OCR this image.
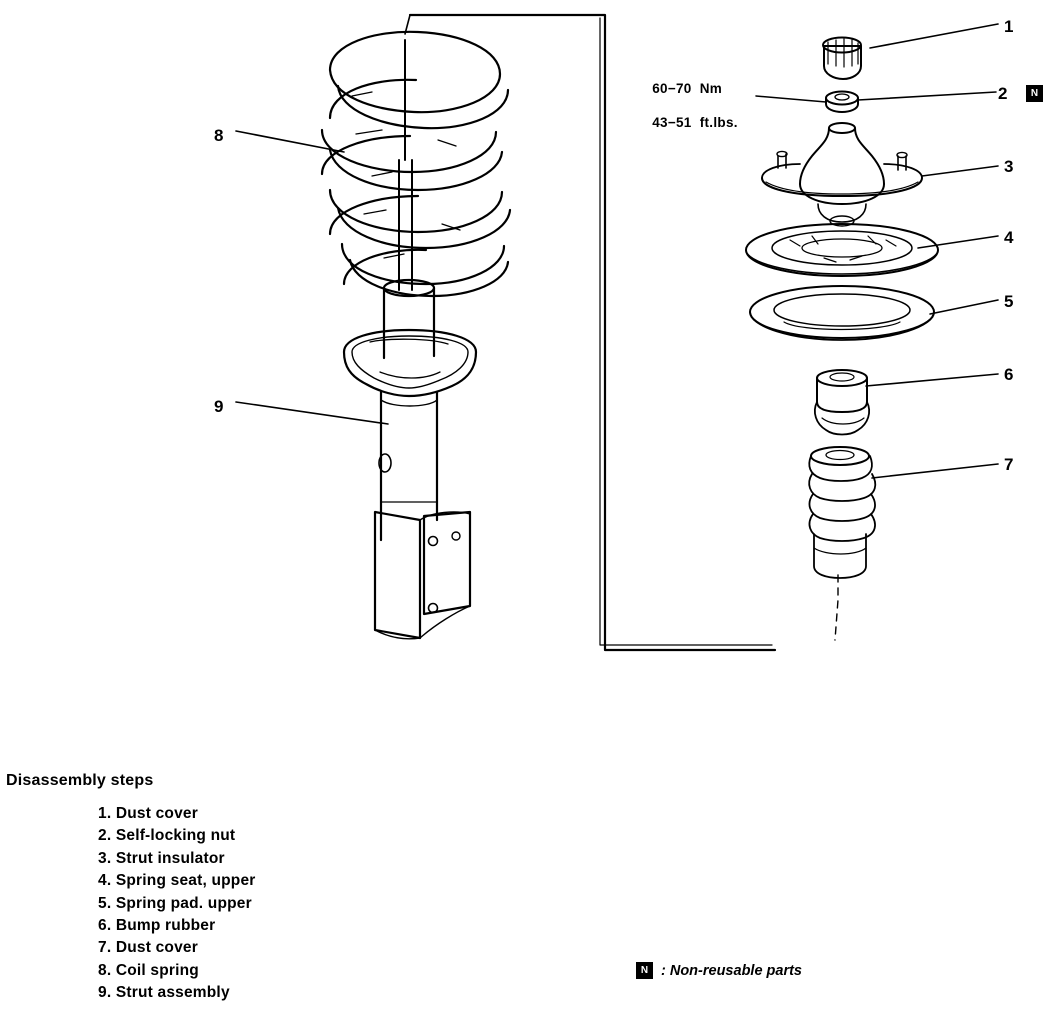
60−70  Nm

43−51  ft.lbs.

1
2	N
3
4
5
6
7
8
9
Disassembly steps
1. Dust cover
2. Self-locking nut
3. Strut insulator
4. Spring seat, upper
5. Spring pad. upper
6. Bump rubber
7. Dust cover
8. Coil spring
9. Strut assembly
N : Non-reusable parts
